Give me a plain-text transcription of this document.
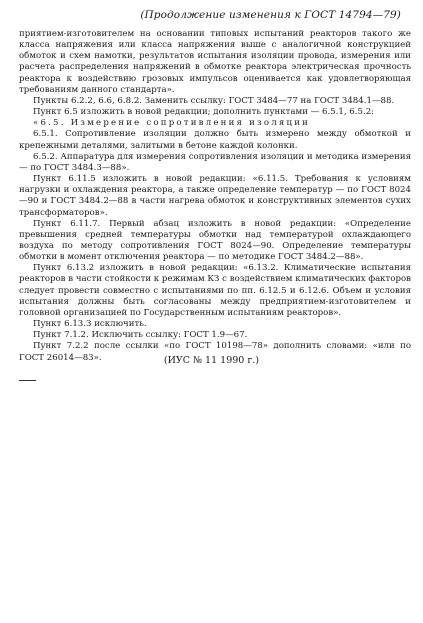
(Продолжение изменения к ГОСТ 14794—79)

приятием-изготовителем на основании типовых испытаний реакторов такого же класса напряжения или класса напряжения выше с аналогичной конструкцией обмоток и схем намотки, результатов испытания изоляции провода, измерения или расчета распределения напряжений в обмотке реактора электрическая прочность реактора к воздействию грозовых импульсов оценивается как удовлетворяющая требованиям данного стандарта».

Пункты 6.2.2, 6.6, 6.8.2. Заменить ссылку: ГОСТ 3484—77 на ГОСТ 3484.1—88.

Пункт 6.5 изложить в новой редакции; дополнить пунктами — 6.5.1, 6.5.2:

«6.5. Измерение сопротивления изоляции

6.5.1. Сопротивление изоляции должно быть измерено между обмоткой и крепежными деталями, залитыми в бетоне каждой колонки.

6.5.2. Аппаратура для измерения сопротивления изоляции и методика измерения — по ГОСТ 3484.3—88».

Пункт 6.11.5 изложить в новой редакции: «6.11.5. Требования к условиям нагрузки и охлаждения реактора, а также определение температур — по ГОСТ 8024—90 и ГОСТ 3484.2—88 в части нагрева обмоток и конструктивных элементов сухих трансформаторов».

Пункт 6.11.7. Первый абзац изложить в новой редакции: «Определение превышения средней температуры обмотки над температурой охлаждающего воздуха по методу сопротивления ГОСТ 8024—90. Определение температуры обмотки в момент отключения реактора — по методике ГОСТ 3484.2—88».

Пункт 6.13.2 изложить в новой редакции: «6.13.2. Климатические испытания реакторов в части стойкости к режимам КЗ с воздействием климатических факторов следует провести совместно с испытаниями по пп. 6.12.5 и 6.12.6. Объем и условия испытания должны быть согласованы между предприятием-изготовителем и головной организацией по Государственным испытаниям реакторов».

Пункт 6.13.3 исключить.

Пункт 7.1.2. Исключить ссылку: ГОСТ 1.9—67.

Пункт 7.2.2 после ссылки «по ГОСТ 10198—78» дополнить словами: «или по ГОСТ 26014—83».	(ИУС № 11 1990 г.)
